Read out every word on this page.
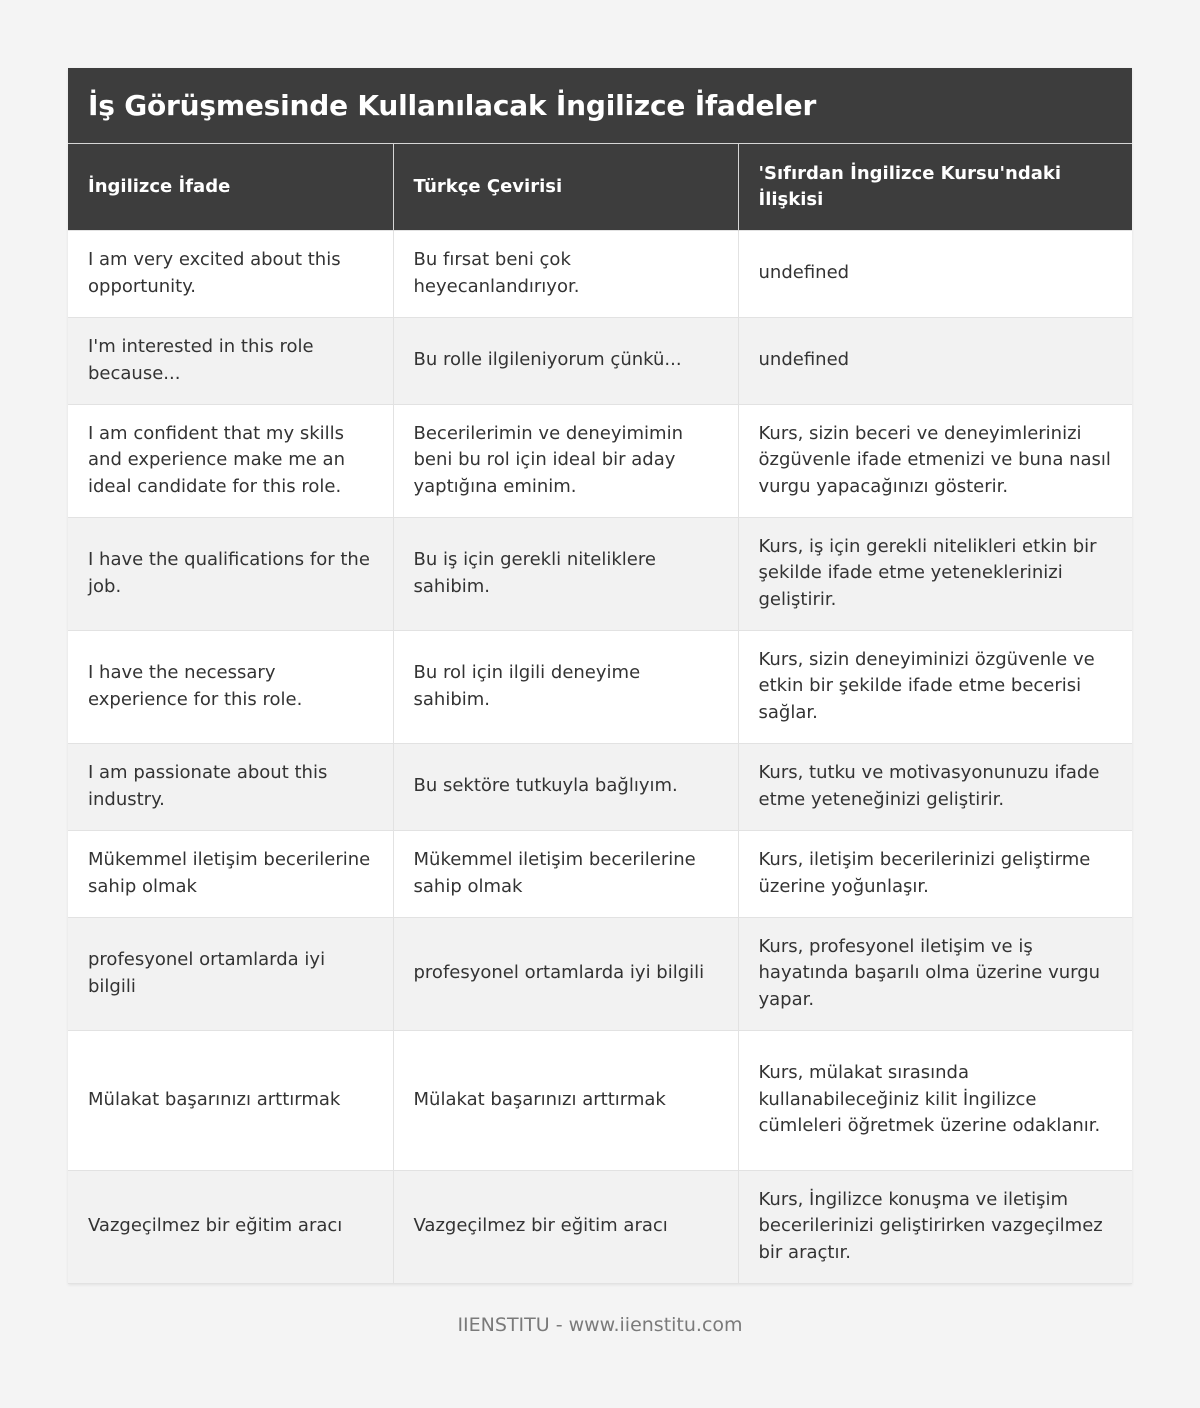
İş Görüşmesinde Kullanılacak İngilizce İfadeler
İngilizce İfade	Türkçe Çevirisi	'Sıfırdan İngilizce Kursu'ndaki İlişkisi
I am very excited about this opportunity.	Bu fırsat beni çok heyecanlandırıyor.	undefined
I'm interested in this role because...	Bu rolle ilgileniyorum çünkü...	undefined
I am confident that my skills and experience make me an ideal candidate for this role.	Becerilerimin ve deneyimimin beni bu rol için ideal bir aday yaptığına eminim.	Kurs, sizin beceri ve deneyimlerinizi özgüvenle ifade etmenizi ve buna nasıl vurgu yapacağınızı gösterir.
I have the qualifications for the job.	Bu iş için gerekli niteliklere sahibim.	Kurs, iş için gerekli nitelikleri etkin bir şekilde ifade etme yeteneklerinizi geliştirir.
I have the necessary experience for this role.	Bu rol için ilgili deneyime sahibim.	Kurs, sizin deneyiminizi özgüvenle ve etkin bir şekilde ifade etme becerisi sağlar.
I am passionate about this industry.	Bu sektöre tutkuyla bağlıyım.	Kurs, tutku ve motivasyonunuzu ifade etme yeteneğinizi geliştirir.
Mükemmel iletişim becerilerine sahip olmak	Mükemmel iletişim becerilerine sahip olmak	Kurs, iletişim becerilerinizi geliştirme üzerine yoğunlaşır.
profesyonel ortamlarda iyi bilgili	profesyonel ortamlarda iyi bilgili	Kurs, profesyonel iletişim ve iş hayatında başarılı olma üzerine vurgu yapar.
Mülakat başarınızı arttırmak	Mülakat başarınızı arttırmak	Kurs, mülakat sırasında kullanabileceğiniz kilit İngilizce cümleleri öğretmek üzerine odaklanır.
Vazgeçilmez bir eğitim aracı	Vazgeçilmez bir eğitim aracı	Kurs, İngilizce konuşma ve iletişim becerilerinizi geliştirirken vazgeçilmez bir araçtır.
IIENSTITU - www.iienstitu.com
